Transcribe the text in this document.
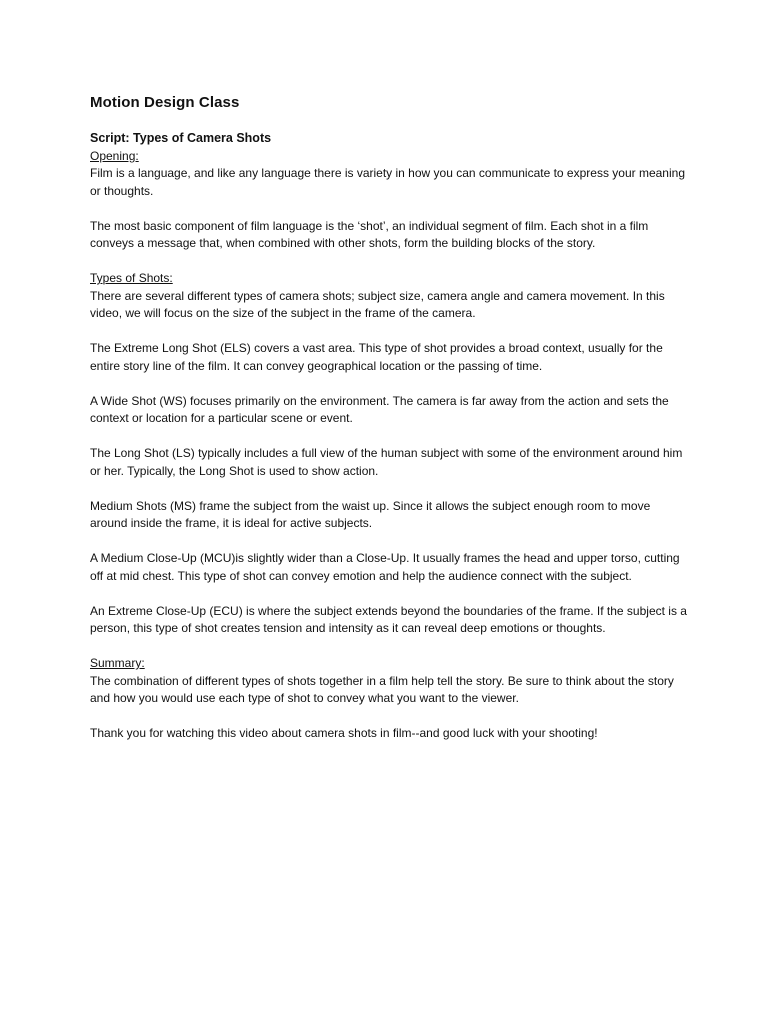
Motion Design Class
Script: Types of Camera Shots
Opening:

Film is a language, and like any language there is variety in how you can communicate to express your meaning or thoughts.

The most basic component of film language is the ‘shot’, an individual segment of film. Each shot in a film conveys a message that, when combined with other shots, form the building blocks of the story.

Types of Shots:

There are several different types of camera shots; subject size, camera angle and camera movement. In this video, we will focus on the size of the subject in the frame of the camera.

The Extreme Long Shot (ELS) covers a vast area. This type of shot provides a broad context, usually for the entire story line of the film. It can convey geographical location or the passing of time.

A Wide Shot (WS) focuses primarily on the environment. The camera is far away from the action and sets the context or location for a particular scene or event.

The Long Shot (LS) typically includes a full view of the human subject with some of the environment around him or her. Typically, the Long Shot is used to show action.

Medium Shots (MS) frame the subject from the waist up. Since it allows the subject enough room to move around inside the frame, it is ideal for active subjects.

A Medium Close-Up (MCU)is slightly wider than a Close-Up. It usually frames the head and upper torso, cutting off at mid chest. This type of shot can convey emotion and help the audience connect with the subject.

An Extreme Close-Up (ECU) is where the subject extends beyond the boundaries of the frame. If the subject is a person, this type of shot creates tension and intensity as it can reveal deep emotions or thoughts.

Summary:

The combination of different types of shots together in a film help tell the story. Be sure to think about the story and how you would use each type of shot to convey what you want to the viewer.

Thank you for watching this video about camera shots in film--and good luck with your shooting!
